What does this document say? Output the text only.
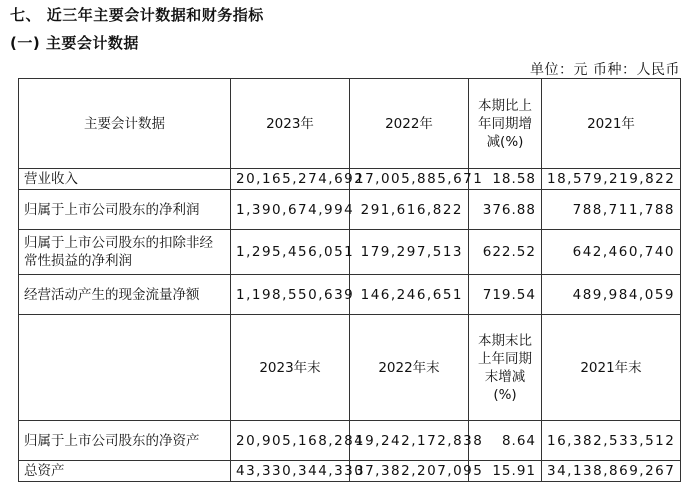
七、 近三年主要会计数据和财务指标
(一) 主要会计数据
单位：元 币种：人民币
主要会计数据	2023年	2022年	本期比上年同期增减(%)	2021年
营业收入	20,165,274,692	17,005,885,671	18.58	18,579,219,822
归属于上市公司股东的净利润	1,390,674,994	291,616,822	376.88	788,711,788
归属于上市公司股东的扣除非经常性损益的净利润	1,295,456,051	179,297,513	622.52	642,460,740
经营活动产生的现金流量净额	1,198,550,639	146,246,651	719.54	489,984,059
	2023年末	2022年末	本期末比上年同期末增减(%)	2021年末
归属于上市公司股东的净资产	20,905,168,284	19,242,172,838	8.64	16,382,533,512
总资产	43,330,344,330	37,382,207,095	15.91	34,138,869,267
